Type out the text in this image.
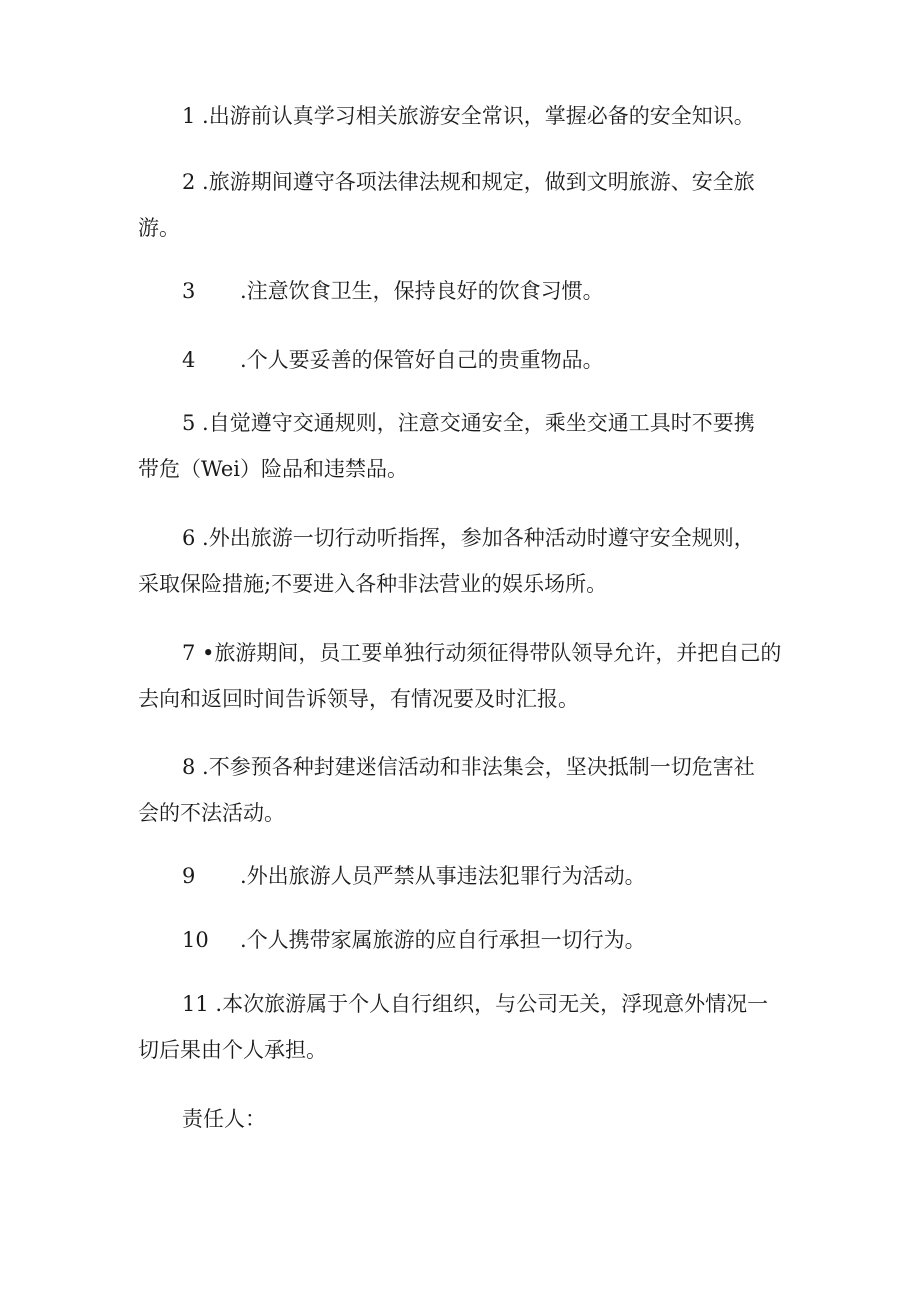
1 .出游前认真学习相关旅游安全常识，掌握必备的安全知识。
2 .旅游期间遵守各项法律法规和规定，做到文明旅游、安全旅
游。
3 .注意饮食卫生，保持良好的饮食习惯。
4 .个人要妥善的保管好自己的贵重物品。
5 .自觉遵守交通规则，注意交通安全，乘坐交通工具时不要携
带危（Wei）险品和违禁品。
6 .外出旅游一切行动听指挥，参加各种活动时遵守安全规则，
采取保险措施;不要进入各种非法营业的娱乐场所。
7 •旅游期间，员工要单独行动须征得带队领导允许，并把自己的
去向和返回时间告诉领导，有情况要及时汇报。
8 .不参预各种封建迷信活动和非法集会，坚决抵制一切危害社
会的不法活动。
9 .外出旅游人员严禁从事违法犯罪行为活动。
10 .个人携带家属旅游的应自行承担一切行为。
11 .本次旅游属于个人自行组织，与公司无关，浮现意外情况一
切后果由个人承担。
责任人：
